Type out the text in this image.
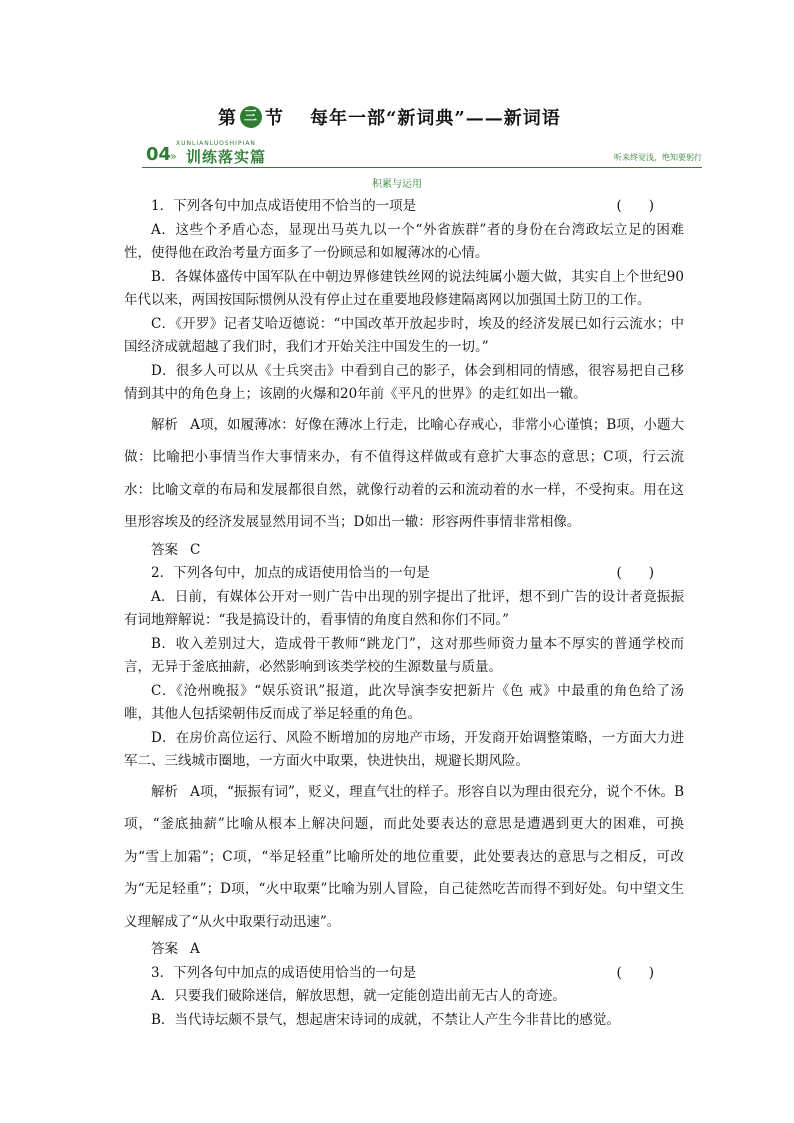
第 三 节 每年一部“新词典”——新词语
04
»
XUNLIANLUOSHIPIAN
训练落实篇	听来终觉浅，绝知要躬行
积累与运用

1．下列各句中加点成语使用不恰当的一项是	(　　)

A．这些个矛盾心态，显现出马英九以一个“外省族群”者的身份在台湾政坛立足的困难性，使得他在政治考量方面多了一份顾忌和如履薄冰的心情。

B．各媒体盛传中国军队在中朝边界修建铁丝网的说法纯属小题大做，其实自上个世纪90年代以来，两国按国际惯例从没有停止过在重要地段修建隔离网以加强国土防卫的工作。

C．《开罗》记者艾哈迈德说：“中国改革开放起步时，埃及的经济发展已如行云流水；中国经济成就超越了我们时，我们才开始关注中国发生的一切。”

D．很多人可以从《士兵突击》中看到自己的影子，体会到相同的情感，很容易把自己移情到其中的角色身上；该剧的火爆和20年前《平凡的世界》的走红如出一辙。

解析 A项，如履薄冰：好像在薄冰上行走，比喻心存戒心，非常小心谨慎；B项，小题大做：比喻把小事情当作大事情来办，有不值得这样做或有意扩大事态的意思；C项，行云流水：比喻文章的布局和发展都很自然，就像行动着的云和流动着的水一样，不受拘束。用在这里形容埃及的经济发展显然用词不当；D如出一辙：形容两件事情非常相像。

答案 C

2．下列各句中，加点的成语使用恰当的一句是	(　　)

A．日前，有媒体公开对一则广告中出现的别字提出了批评，想不到广告的设计者竟振振有词地辩解说：“我是搞设计的，看事情的角度自然和你们不同。”

B．收入差别过大，造成骨干教师“跳龙门”，这对那些师资力量本不厚实的普通学校而言，无异于釜底抽薪，必然影响到该类学校的生源数量与质量。

C．《沧州晚报》“娱乐资讯”报道，此次导演李安把新片《色 戒》中最重的角色给了汤唯，其他人包括梁朝伟反而成了举足轻重的角色。

D．在房价高位运行、风险不断增加的房地产市场，开发商开始调整策略，一方面大力进军二、三线城市圈地，一方面火中取栗，快进快出，规避长期风险。

解析 A项，“振振有词”，贬义，理直气壮的样子。形容自以为理由很充分，说个不休。B项，“釜底抽薪”比喻从根本上解决问题，而此处要表达的意思是遭遇到更大的困难，可换为“雪上加霜”；C项，“举足轻重”比喻所处的地位重要，此处要表达的意思与之相反，可改为“无足轻重”；D项，“火中取栗”比喻为别人冒险，自己徒然吃苦而得不到好处。句中望文生义理解成了“从火中取栗行动迅速”。

答案 A

3．下列各句中加点的成语使用恰当的一句是	(　　)

A．只要我们破除迷信，解放思想，就一定能创造出前无古人的奇迹。

B．当代诗坛颇不景气，想起唐宋诗词的成就，不禁让人产生今非昔比的感觉。
